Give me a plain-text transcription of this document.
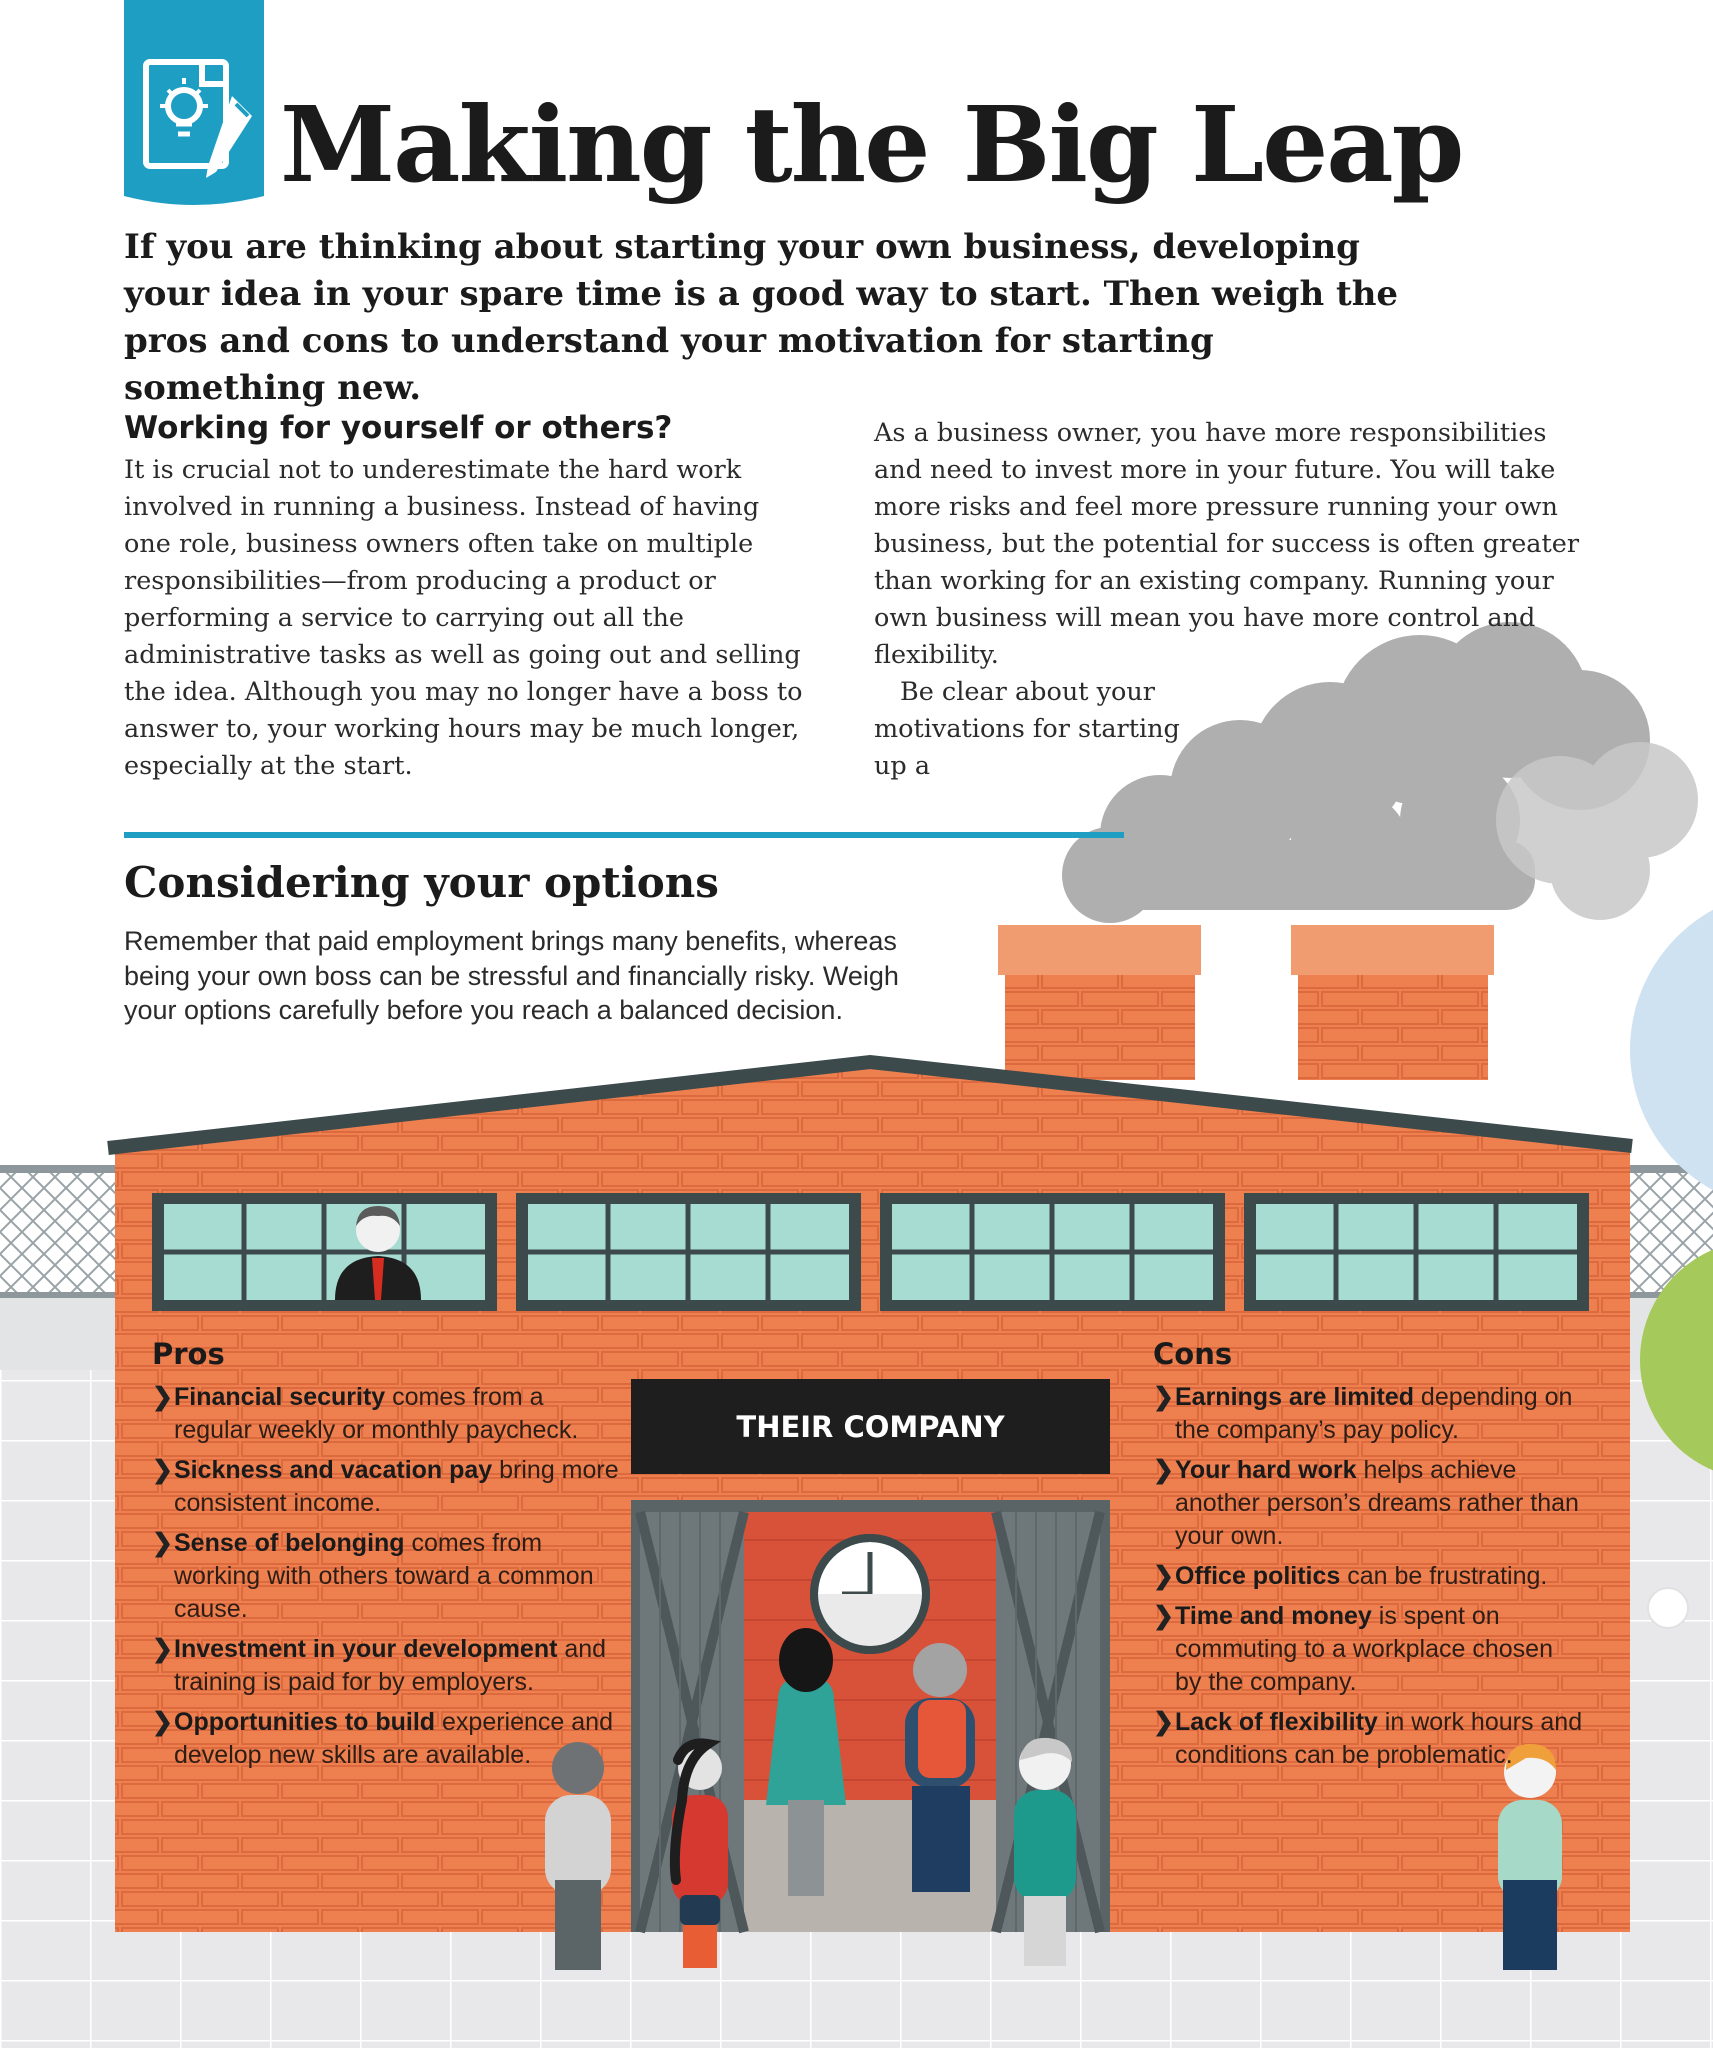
Making the Big Leap

If you are thinking about starting your own business, developing your idea in your spare time is a good way to start. Then weigh the pros and cons to understand your motivation for starting something new.

Working for yourself or others?

It is crucial not to underestimate the hard work involved in running a business. Instead of having one role, business owners often take on multiple responsibilities—from producing a product or performing a service to carrying out all the administrative tasks as well as going out and selling the idea. Although you may no longer have a boss to answer to, your working hours may be much longer, especially at the start.

As a business owner, you have more responsibilities and need to invest more in your future. You will take more risks and feel more pressure running your own business, but the potential for success is often greater than working for an existing company. Running your own business will mean you have more control and flexibility.

Be clear about your motivations for starting up a

Considering your options

Remember that paid employment brings many benefits, whereas being your own boss can be stressful and financially risky. Weigh your options carefully before you reach a balanced decision.

THEIR COMPANY
Pros
❯ Financial security comes from a regular weekly or monthly paycheck.
❯ Sickness and vacation pay bring more consistent income.
❯ Sense of belonging comes from working with others toward a common cause.
❯ Investment in your development and training is paid for by employers.
❯ Opportunities to build experience and develop new skills are available.
Cons
❯ Earnings are limited depending on the company’s pay policy.
❯ Your hard work helps achieve another person’s dreams rather than your own.
❯ Office politics can be frustrating.
❯ Time and money is spent on commuting to a workplace chosen by the company.
❯ Lack of flexibility in work hours and conditions can be problematic.
